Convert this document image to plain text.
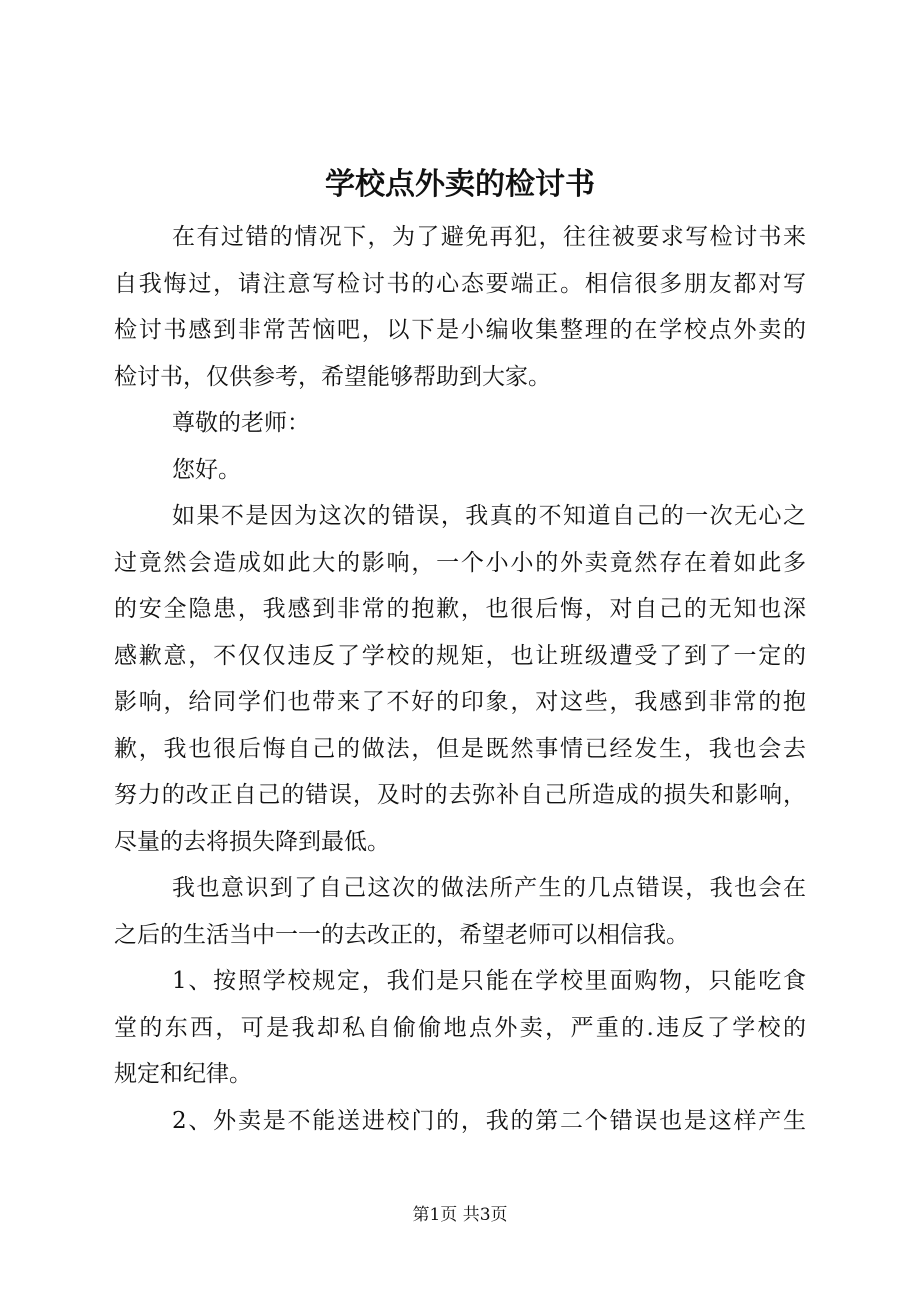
学校点外卖的检讨书
在有过错的情况下，为了避免再犯，往往被要求写检讨书来
自我悔过，请注意写检讨书的心态要端正。相信很多朋友都对写
检讨书感到非常苦恼吧，以下是小编收集整理的在学校点外卖的
检讨书，仅供参考，希望能够帮助到大家。
尊敬的老师：
您好。
如果不是因为这次的错误，我真的不知道自己的一次无心之
过竟然会造成如此大的影响，一个小小的外卖竟然存在着如此多
的安全隐患，我感到非常的抱歉，也很后悔，对自己的无知也深
感歉意，不仅仅违反了学校的规矩，也让班级遭受了到了一定的
影响，给同学们也带来了不好的印象，对这些，我感到非常的抱
歉，我也很后悔自己的做法，但是既然事情已经发生，我也会去
努力的改正自己的错误，及时的去弥补自己所造成的损失和影响，
尽量的去将损失降到最低。
我也意识到了自己这次的做法所产生的几点错误，我也会在
之后的生活当中一一的去改正的，希望老师可以相信我。
1、按照学校规定，我们是只能在学校里面购物，只能吃食
堂的东西，可是我却私自偷偷地点外卖，严重的.违反了学校的
规定和纪律。
2、外卖是不能送进校门的，我的第二个错误也是这样产生
第1页 共3页
